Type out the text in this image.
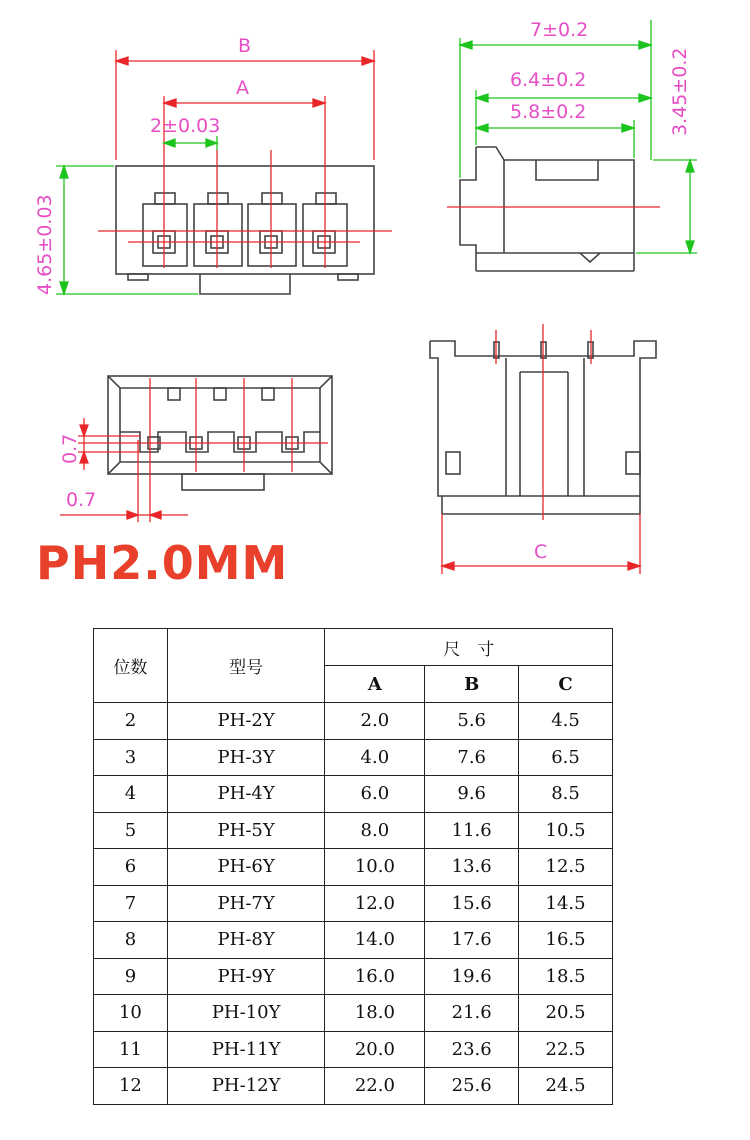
B
A
2±0.03
4.65±0.03
7±0.2
6.4±0.2
5.8±0.2	3.45±0.2
0.7
0.7
C
PH2.0MM
位数	型号	尺　寸		
		A	B	C
2	PH-2Y	2.0	5.6	4.5
3	PH-3Y	4.0	7.6	6.5
4	PH-4Y	6.0	9.6	8.5
5	PH-5Y	8.0	11.6	10.5
6	PH-6Y	10.0	13.6	12.5
7	PH-7Y	12.0	15.6	14.5
8	PH-8Y	14.0	17.6	16.5
9	PH-9Y	16.0	19.6	18.5
10	PH-10Y	18.0	21.6	20.5
11	PH-11Y	20.0	23.6	22.5
12	PH-12Y	22.0	25.6	24.5
